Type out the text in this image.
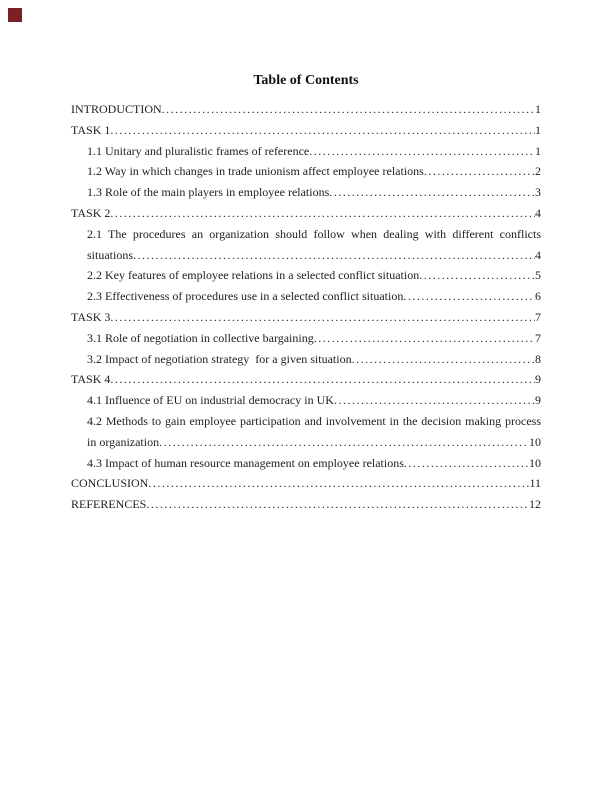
Table of Contents
INTRODUCTION .....	1
TASK 1 .....	1
1.1 Unitary and pluralistic frames of reference .....	1
1.2 Way in which changes in trade unionism affect employee relations .....	2
1.3 Role of the main players in employee relations .....	3
TASK 2 .....	4
2.1 The procedures an organization should follow when dealing with different conflicts
situations .....	4
2.2 Key features of employee relations in a selected conflict situation .....	5
2.3 Effectiveness of procedures use in a selected conflict situation .....	6
TASK 3 .....	7
3.1 Role of negotiation in collective bargaining .....	7
3.2 Impact of negotiation strategy  for a given situation .....	8
TASK 4 .....	9
4.1 Influence of EU on industrial democracy in UK .....	9
4.2 Methods to gain employee participation and involvement in the decision making process
in organization .....	10
4.3 Impact of human resource management on employee relations .....	10
CONCLUSION .....	11
REFERENCES .....	12
